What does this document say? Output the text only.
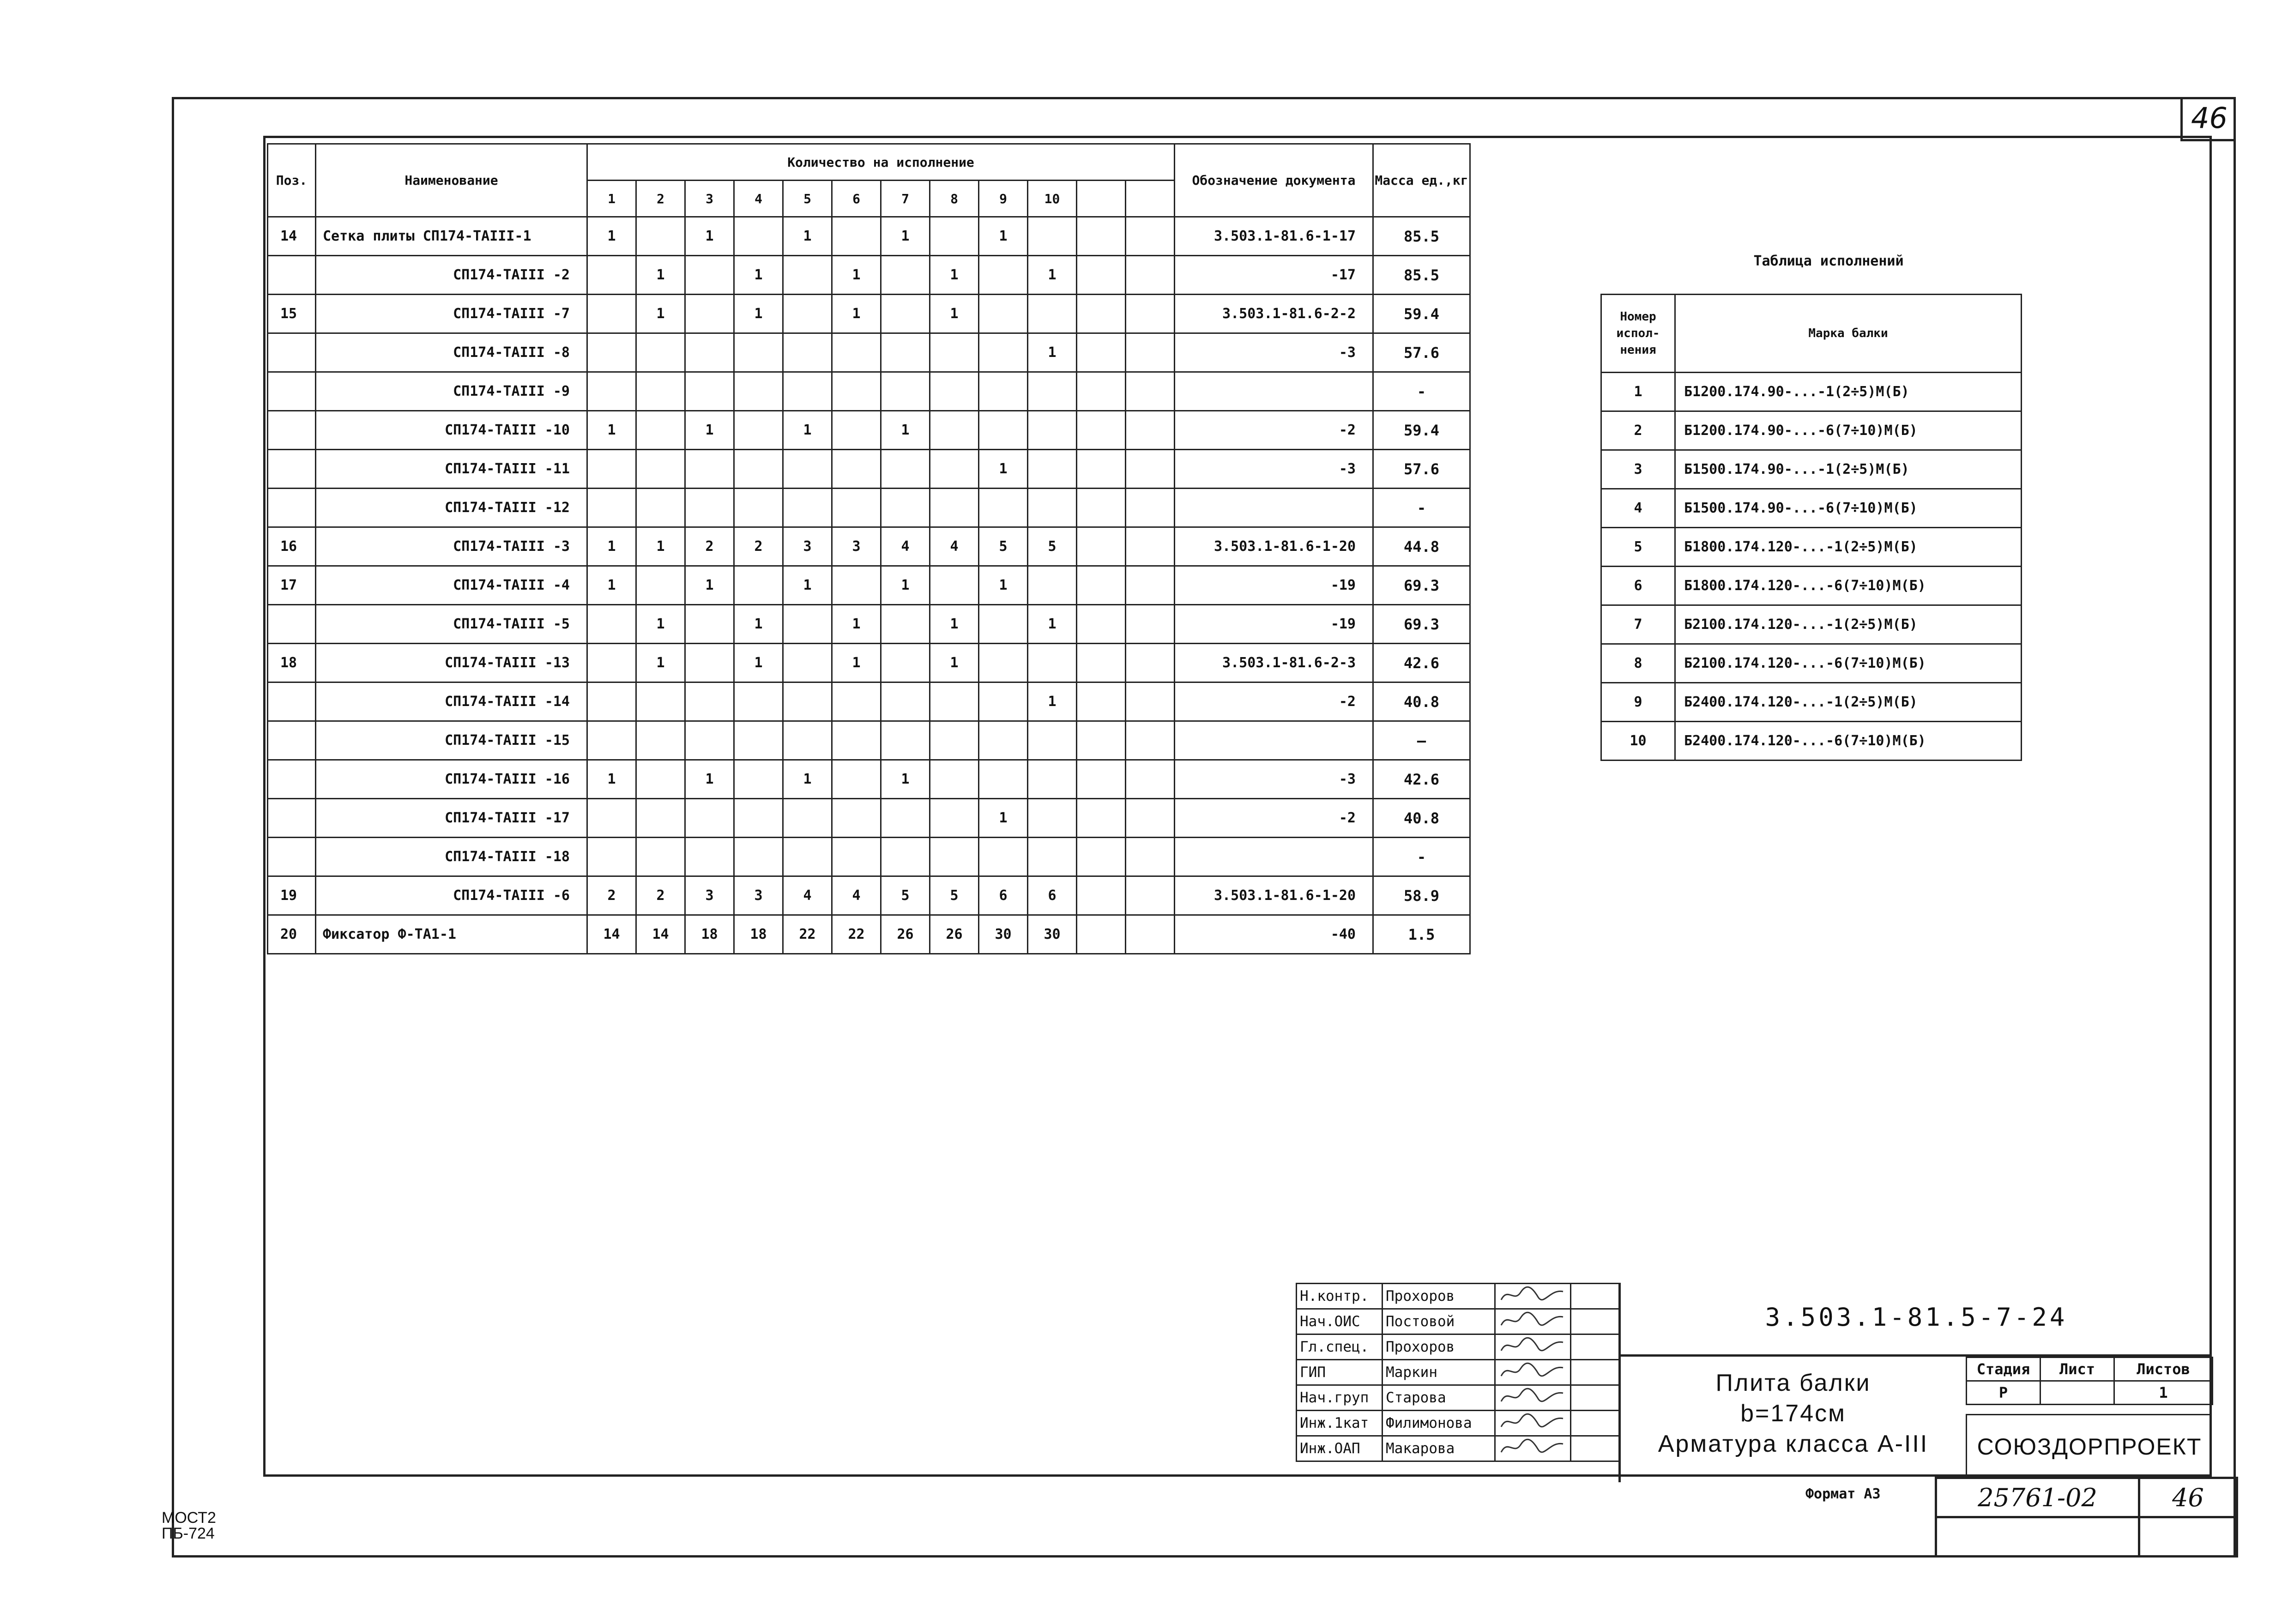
46
Поз.	Наименование	Количество на исполнение												Обозначение документа	Масса ед.,кг
		1	2	3	4	5	6	7	8	9	10				
14	Сетка плиты СП174-ТАIII-1	1		1		1		1		1				3.503.1-81.6-1-17	85.5
	СП174-ТАIII -2		1		1		1		1		1			-17	85.5
15	СП174-ТАIII -7		1		1		1		1					3.503.1-81.6-2-2	59.4
	СП174-ТАIII -8										1			-3	57.6
	СП174-ТАIII -9														-
	СП174-ТАIII -10	1		1		1		1						-2	59.4
	СП174-ТАIII -11									1				-3	57.6
	СП174-ТАIII -12														-
16	СП174-ТАIII -3	1	1	2	2	3	3	4	4	5	5			3.503.1-81.6-1-20	44.8
17	СП174-ТАIII -4	1		1		1		1		1				-19	69.3
	СП174-ТАIII -5		1		1		1		1		1			-19	69.3
18	СП174-ТАIII -13		1		1		1		1					3.503.1-81.6-2-3	42.6
	СП174-ТАIII -14										1			-2	40.8
	СП174-ТАIII -15														–
	СП174-ТАIII -16	1		1		1		1						-3	42.6
	СП174-ТАIII -17									1				-2	40.8
	СП174-ТАIII -18														-
19	СП174-ТАIII -6	2	2	3	3	4	4	5	5	6	6			3.503.1-81.6-1-20	58.9
20	Фиксатор Ф-ТА1-1	14	14	18	18	22	22	26	26	30	30			-40	1.5
Таблица исполнений
Номер испол-нения	Марка балки
1	Б1200.174.90-...-1(2÷5)М(Б)
2	Б1200.174.90-...-6(7÷10)М(Б)
3	Б1500.174.90-...-1(2÷5)М(Б)
4	Б1500.174.90-...-6(7÷10)М(Б)
5	Б1800.174.120-...-1(2÷5)М(Б)
6	Б1800.174.120-...-6(7÷10)М(Б)
7	Б2100.174.120-...-1(2÷5)М(Б)
8	Б2100.174.120-...-6(7÷10)М(Б)
9	Б2400.174.120-...-1(2÷5)М(Б)
10	Б2400.174.120-...-6(7÷10)М(Б)
Н.контр.	Прохоров		
Нач.ОИС	Постовой		
Гл.спец.	Прохоров		
ГИП	Маркин		
Нач.груп	Старова		
Инж.1кат	Филимонова		
Инж.ОАП	Макарова		
3.503.1-81.5-7-24
Плита балки
b=174см
Арматура класса А-III
Стадия	Лист	Листов
Р		1
СОЮЗДОРПРОЕКТ
Формат А3	25761-02	46

МОСТ2
ПБ-724
